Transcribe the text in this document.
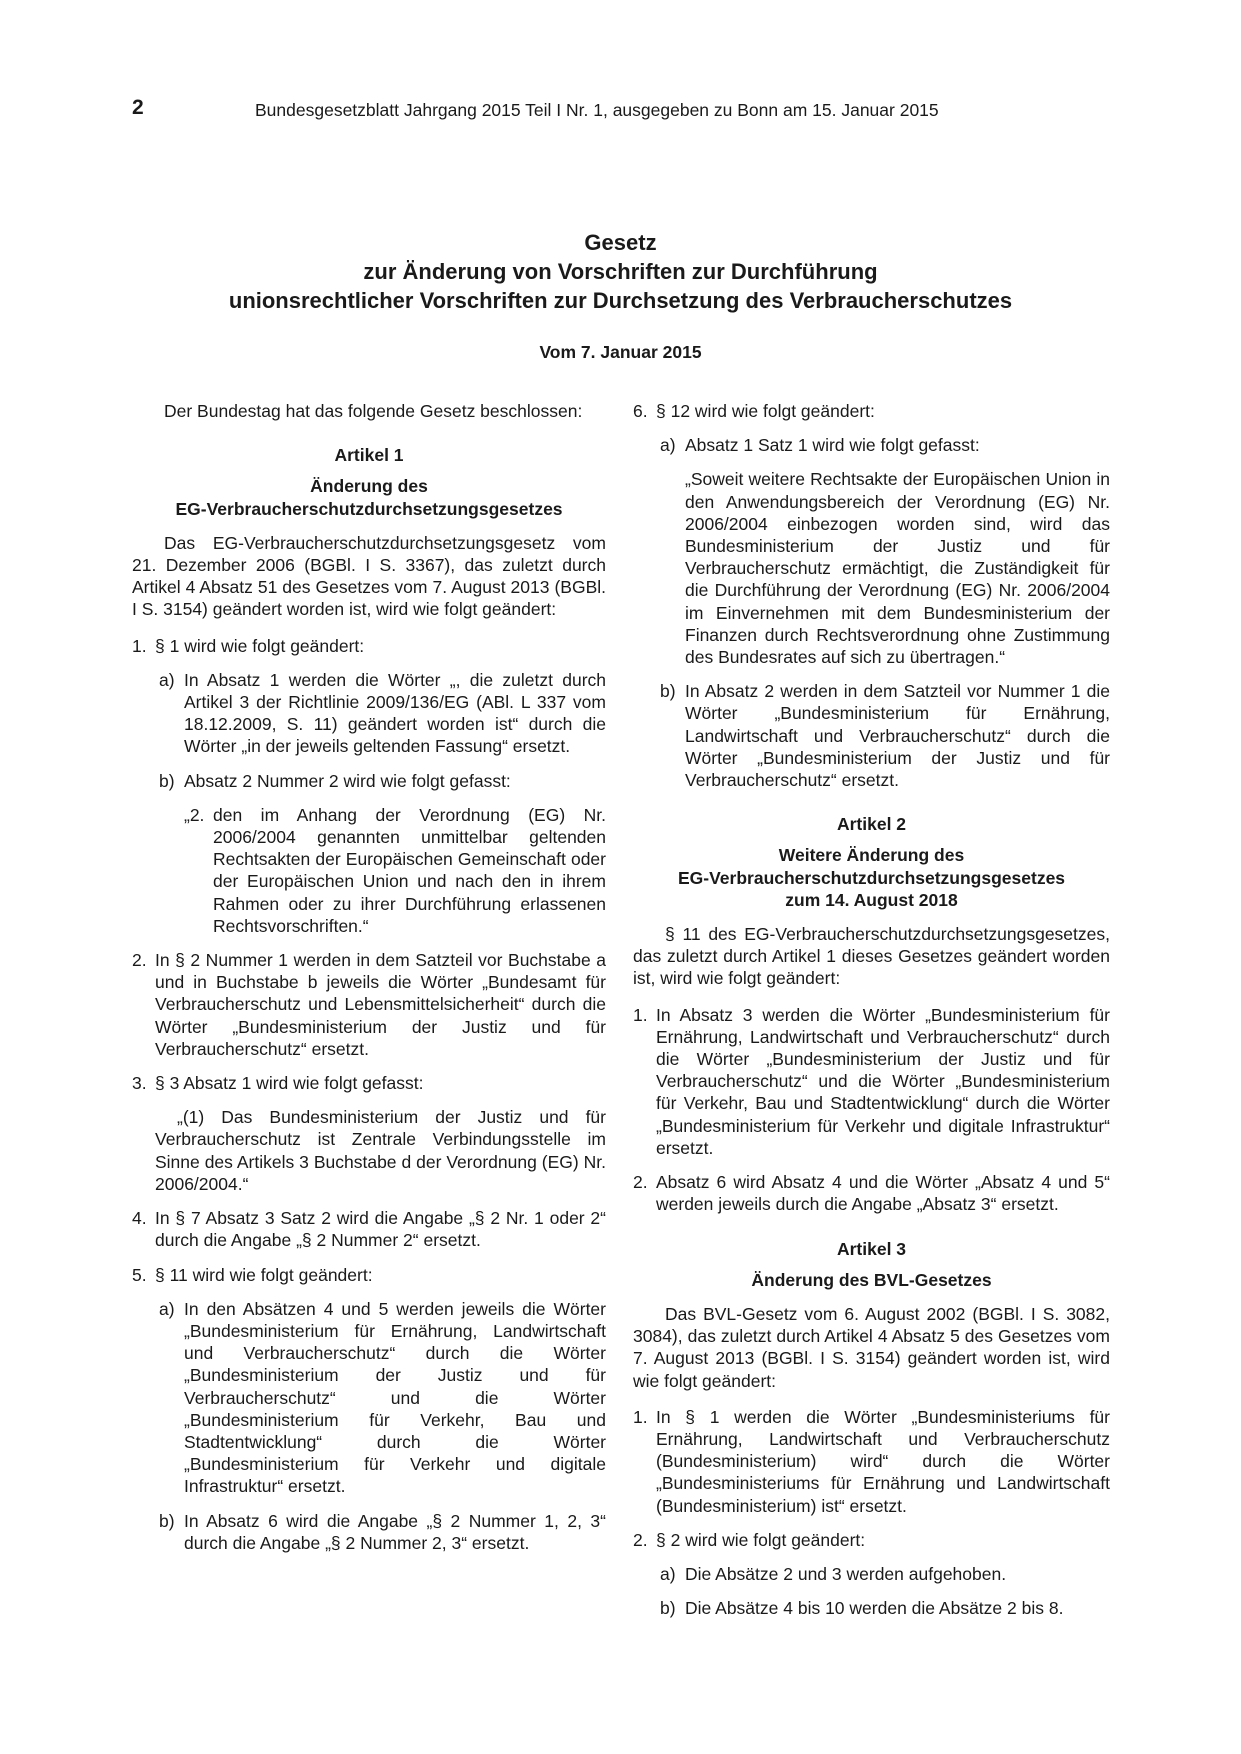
2	Bundesgesetzblatt Jahrgang 2015 Teil I Nr. 1, ausgegeben zu Bonn am 15. Januar 2015
Gesetz
zur Änderung von Vorschriften zur Durchführung
unionsrechtlicher Vorschriften zur Durchsetzung des Verbraucherschutzes
Vom 7. Januar 2015
Der Bundestag hat das folgende Gesetz beschlossen:
Artikel 1
Änderung des
EG-Verbraucherschutzdurchsetzungsgesetzes
Das EG-Verbraucherschutzdurchsetzungsgesetz vom 21. Dezember 2006 (BGBl. I S. 3367), das zuletzt durch Artikel 4 Absatz 51 des Gesetzes vom 7. August 2013 (BGBl. I S. 3154) geändert worden ist, wird wie folgt geändert:
1. § 1 wird wie folgt geändert:
a) In Absatz 1 werden die Wörter „, die zuletzt durch Artikel 3 der Richtlinie 2009/136/EG (ABl. L 337 vom 18.12.2009, S. 11) geändert worden ist“ durch die Wörter „in der jeweils geltenden Fassung“ ersetzt.
b) Absatz 2 Nummer 2 wird wie folgt gefasst:
„2. den im Anhang der Verordnung (EG) Nr. 2006/2004 genannten unmittelbar geltenden Rechtsakten der Europäischen Gemeinschaft oder der Europäischen Union und nach den in ihrem Rahmen oder zu ihrer Durchführung erlassenen Rechtsvorschriften.“
2. In § 2 Nummer 1 werden in dem Satzteil vor Buchstabe a und in Buchstabe b jeweils die Wörter „Bundesamt für Verbraucherschutz und Lebensmittelsicherheit“ durch die Wörter „Bundesministerium der Justiz und für Verbraucherschutz“ ersetzt.
3. § 3 Absatz 1 wird wie folgt gefasst:
„(1) Das Bundesministerium der Justiz und für Verbraucherschutz ist Zentrale Verbindungsstelle im Sinne des Artikels 3 Buchstabe d der Verordnung (EG) Nr. 2006/2004.“
4. In § 7 Absatz 3 Satz 2 wird die Angabe „§ 2 Nr. 1 oder 2“ durch die Angabe „§ 2 Nummer 2“ ersetzt.
5. § 11 wird wie folgt geändert:
a) In den Absätzen 4 und 5 werden jeweils die Wörter „Bundesministerium für Ernährung, Landwirtschaft und Verbraucherschutz“ durch die Wörter „Bundesministerium der Justiz und für Verbraucherschutz“ und die Wörter „Bundesministerium für Verkehr, Bau und Stadtentwicklung“ durch die Wörter „Bundesministerium für Verkehr und digitale Infrastruktur“ ersetzt.
b) In Absatz 6 wird die Angabe „§ 2 Nummer 1, 2, 3“ durch die Angabe „§ 2 Nummer 2, 3“ ersetzt.
6. § 12 wird wie folgt geändert:
a) Absatz 1 Satz 1 wird wie folgt gefasst:
„Soweit weitere Rechtsakte der Europäischen Union in den Anwendungsbereich der Verordnung (EG) Nr. 2006/2004 einbezogen worden sind, wird das Bundesministerium der Justiz und für Verbraucherschutz ermächtigt, die Zuständigkeit für die Durchführung der Verordnung (EG) Nr. 2006/2004 im Einvernehmen mit dem Bundesministerium der Finanzen durch Rechtsverordnung ohne Zustimmung des Bundesrates auf sich zu übertragen.“
b) In Absatz 2 werden in dem Satzteil vor Nummer 1 die Wörter „Bundesministerium für Ernährung, Landwirtschaft und Verbraucherschutz“ durch die Wörter „Bundesministerium der Justiz und für Verbraucherschutz“ ersetzt.
Artikel 2
Weitere Änderung des
EG-Verbraucherschutzdurchsetzungsgesetzes
zum 14. August 2018
§ 11 des EG-Verbraucherschutzdurchsetzungsgesetzes, das zuletzt durch Artikel 1 dieses Gesetzes geändert worden ist, wird wie folgt geändert:
1. In Absatz 3 werden die Wörter „Bundesministerium für Ernährung, Landwirtschaft und Verbraucherschutz“ durch die Wörter „Bundesministerium der Justiz und für Verbraucherschutz“ und die Wörter „Bundesministerium für Verkehr, Bau und Stadtentwicklung“ durch die Wörter „Bundesministerium für Verkehr und digitale Infrastruktur“ ersetzt.
2. Absatz 6 wird Absatz 4 und die Wörter „Absatz 4 und 5“ werden jeweils durch die Angabe „Absatz 3“ ersetzt.
Artikel 3
Änderung des BVL-Gesetzes
Das BVL-Gesetz vom 6. August 2002 (BGBl. I S. 3082, 3084), das zuletzt durch Artikel 4 Absatz 5 des Gesetzes vom 7. August 2013 (BGBl. I S. 3154) geändert worden ist, wird wie folgt geändert:
1. In § 1 werden die Wörter „Bundesministeriums für Ernährung, Landwirtschaft und Verbraucherschutz (Bundesministerium) wird“ durch die Wörter „Bundesministeriums für Ernährung und Landwirtschaft (Bundesministerium) ist“ ersetzt.
2. § 2 wird wie folgt geändert:
a) Die Absätze 2 und 3 werden aufgehoben.
b) Die Absätze 4 bis 10 werden die Absätze 2 bis 8.
